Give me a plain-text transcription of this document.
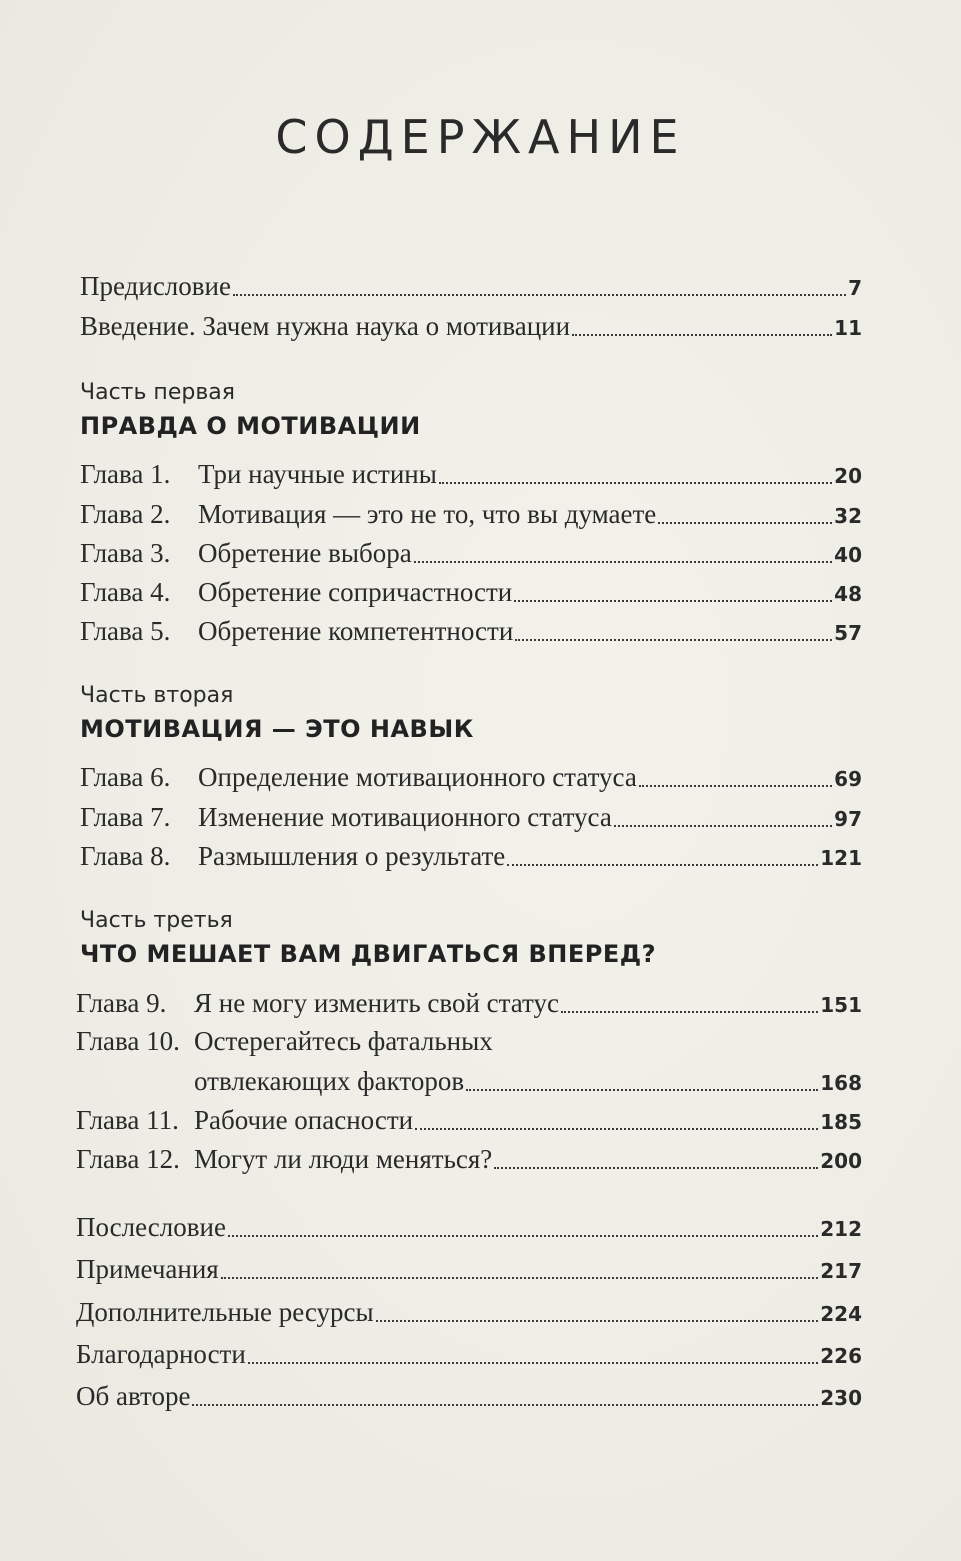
СОДЕРЖАНИЕ
Предисловие	7
Введение. Зачем нужна наука о мотивации	11
Часть первая
ПРАВДА О МОТИВАЦИИ
Глава 1.	Три научные истины	20
Глава 2.	Мотивация — это не то, что вы думаете	32
Глава 3.	Обретение выбора	40
Глава 4.	Обретение сопричастности	48
Глава 5.	Обретение компетентности	57
Часть вторая
МОТИВАЦИЯ — ЭТО НАВЫК
Глава 6.	Определение мотивационного статуса	69
Глава 7.	Изменение мотивационного статуса	97
Глава 8.	Размышления о результате	121
Часть третья
ЧТО МЕШАЕТ ВАМ ДВИГАТЬСЯ ВПЕРЕД?
Глава 9.	Я не могу изменить свой статус	151
Глава 10. Остерегайтесь фатальных
отвлекающих факторов	168
Глава 11. Рабочие опасности	185
Глава 12. Могут ли люди меняться?	200
Послесловие	212
Примечания	217
Дополнительные ресурсы	224
Благодарности	226
Об авторе	230
